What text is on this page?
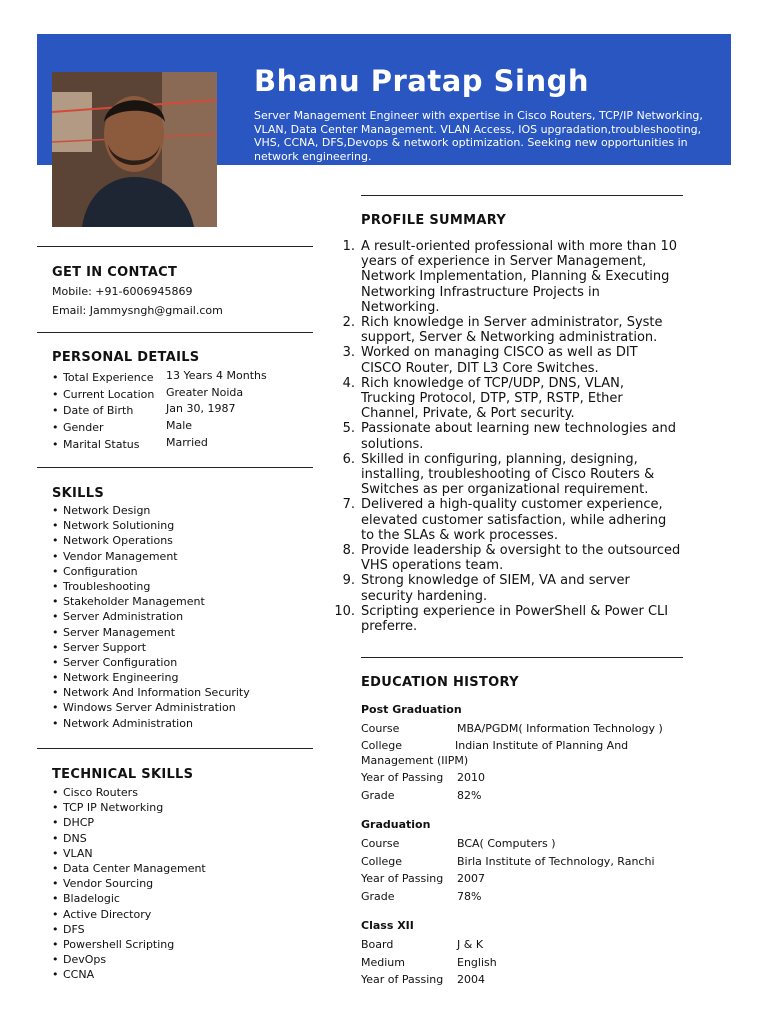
Bhanu Pratap Singh

Server Management Engineer with expertise in Cisco Routers, TCP/IP Networking, VLAN, Data Center Management. VLAN Access, IOS upgradation,troubleshooting, VHS, CCNA, DFS,Devops & network optimization. Seeking new opportunities in network engineering.

GET IN CONTACT
Mobile: +91-6006945869
Email: Jammysngh@gmail.com
PERSONAL DETAILS
• Total Experience 13 Years 4 Months
• Current Location Greater Noida
• Date of Birth	Jan 30, 1987
• Gender	Male
• Marital Status Married
SKILLS
• Network Design
• Network Solutioning
• Network Operations
• Vendor Management
• Configuration
• Troubleshooting
• Stakeholder Management
• Server Administration
• Server Management
• Server Support
• Server Configuration
• Network Engineering
• Network And Information Security
• Windows Server Administration
• Network Administration
TECHNICAL SKILLS
• Cisco Routers
• TCP IP Networking
• DHCP
• DNS
• VLAN
• Data Center Management
• Vendor Sourcing
• Bladelogic
• Active Directory
• DFS
• Powershell Scripting
• DevOps
• CCNA
PROFILE SUMMARY
1. A result-oriented professional with more than 10 years of experience in Server Management, Network Implementation, Planning & Executing Networking Infrastructure Projects in Networking.
2. Rich knowledge in Server administrator, Syste support, Server & Networking administration.
3. Worked on managing CISCO as well as DIT CISCO Router, DIT L3 Core Switches.
4. Rich knowledge of TCP/UDP, DNS, VLAN, Trucking Protocol, DTP, STP, RSTP, Ether Channel, Private, & Port security.
5. Passionate about learning new technologies and solutions.
6. Skilled in configuring, planning, designing, installing, troubleshooting of Cisco Routers & Switches as per organizational requirement.
7. Delivered a high-quality customer experience, elevated customer satisfaction, while adhering to the SLAs & work processes.
8. Provide leadership & oversight to the outsourced VHS operations team.
9. Strong knowledge of SIEM, VA and server security hardening.
10. Scripting experience in PowerShell & Power CLI preferre.
EDUCATION HISTORY
Post Graduation
Course	MBA/PGDM( Information Technology )
College	Indian Institute of Planning And Management (IIPM)
Year of Passing 2010
Grade	82%
Graduation
Course	BCA( Computers )
College	Birla Institute of Technology, Ranchi
Year of Passing 2007
Grade	78%
Class XII
Board	J & K
Medium	English
Year of Passing 2004
